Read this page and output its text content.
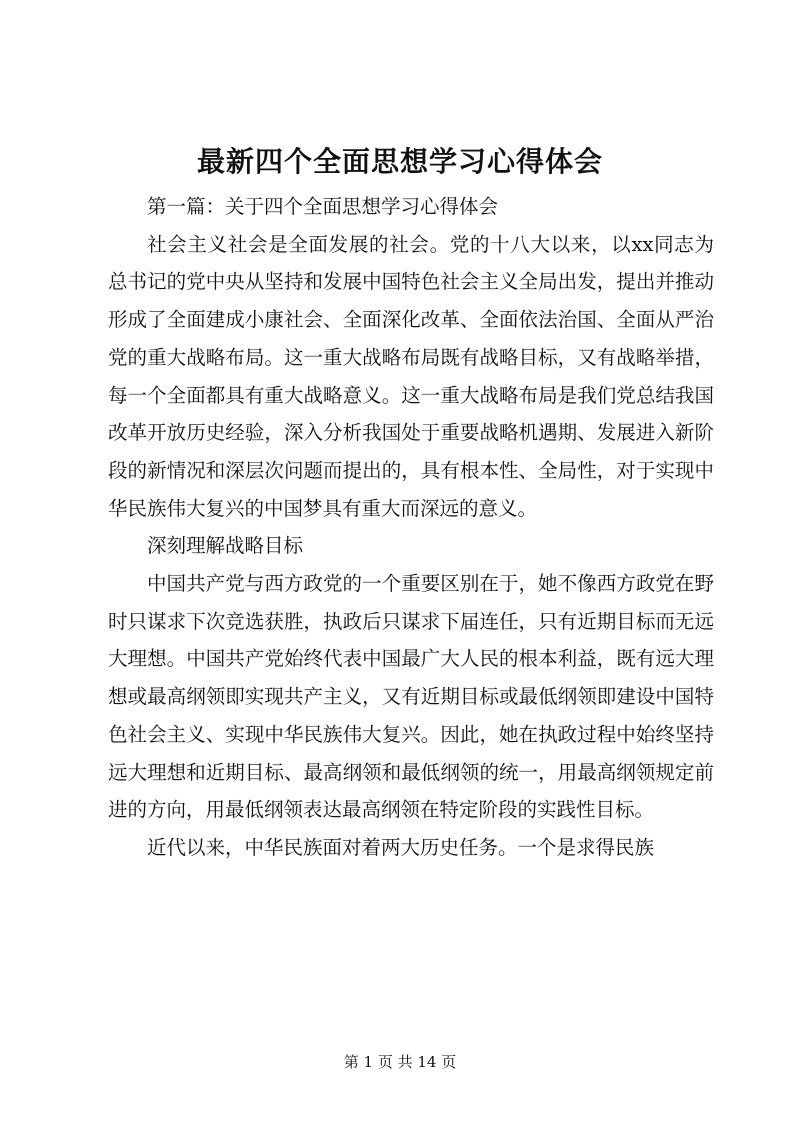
最新四个全面思想学习心得体会

第一篇：关于四个全面思想学习心得体会

社会主义社会是全面发展的社会。党的十八大以来，以xx同志为总书记的党中央从坚持和发展中国特色社会主义全局出发，提出并推动形成了全面建成小康社会、全面深化改革、全面依法治国、全面从严治党的重大战略布局。这一重大战略布局既有战略目标，又有战略举措，每一个全面都具有重大战略意义。这一重大战略布局是我们党总结我国改革开放历史经验，深入分析我国处于重要战略机遇期、发展进入新阶段的新情况和深层次问题而提出的，具有根本性、全局性，对于实现中华民族伟大复兴的中国梦具有重大而深远的意义。

深刻理解战略目标

中国共产党与西方政党的一个重要区别在于，她不像西方政党在野时只谋求下次竞选获胜，执政后只谋求下届连任，只有近期目标而无远大理想。中国共产党始终代表中国最广大人民的根本利益，既有远大理想或最高纲领即实现共产主义，又有近期目标或最低纲领即建设中国特色社会主义、实现中华民族伟大复兴。因此，她在执政过程中始终坚持远大理想和近期目标、最高纲领和最低纲领的统一，用最高纲领规定前进的方向，用最低纲领表达最高纲领在特定阶段的实践性目标。

近代以来，中华民族面对着两大历史任务。一个是求得民族

第 1 页 共 14 页
